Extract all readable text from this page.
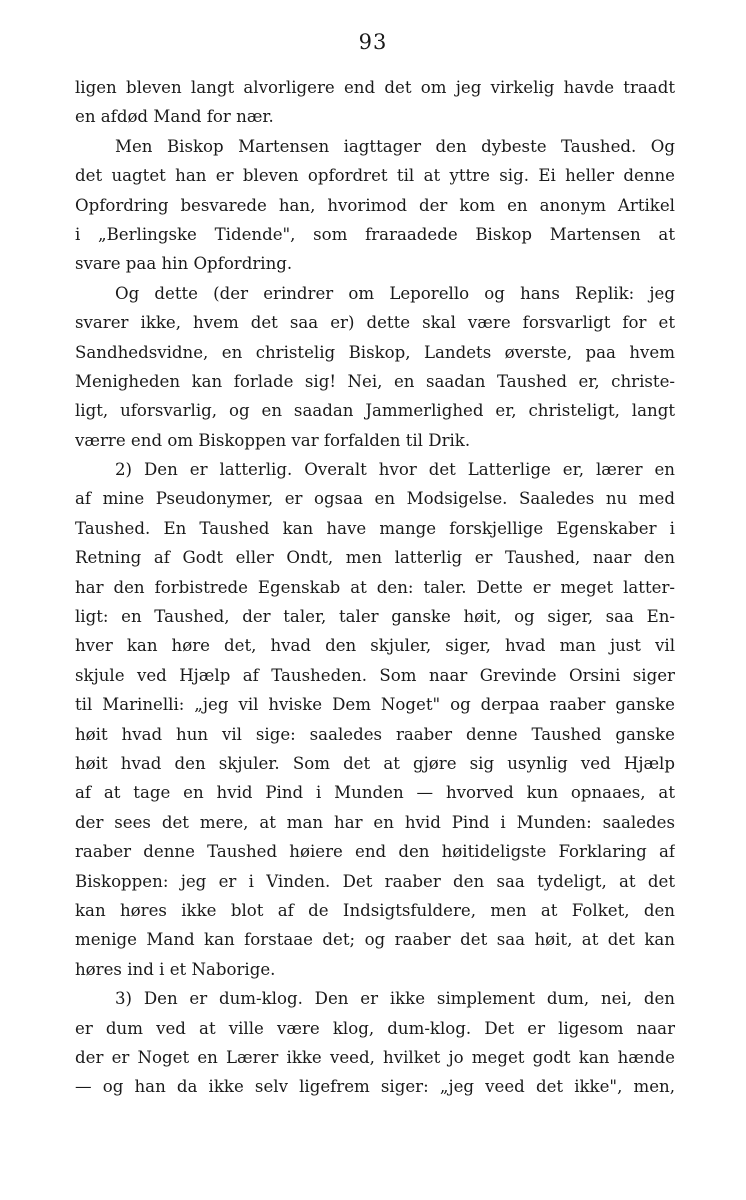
93
ligen bleven langt alvorligere end det om jeg virkelig havde traadt
en afdød Mand for nær.
Men Biskop Martensen iagttager den dybeste Taushed. Og
det uagtet han er bleven opfordret til at yttre sig. Ei heller denne
Opfordring besvarede han, hvorimod der kom en anonym Artikel
i „Berlingske Tidende", som fraraadede Biskop Martensen at
svare paa hin Opfordring.
Og dette (der erindrer om Leporello og hans Replik: jeg
svarer ikke, hvem det saa er) dette skal være forsvarligt for et
Sandhedsvidne, en christelig Biskop, Landets øverste, paa hvem
Menigheden kan forlade sig! Nei, en saadan Taushed er, christe-
ligt, uforsvarlig, og en saadan Jammerlighed er, christeligt, langt
værre end om Biskoppen var forfalden til Drik.
2) Den er latterlig. Overalt hvor det Latterlige er, lærer en
af mine Pseudonymer, er ogsaa en Modsigelse. Saaledes nu med
Taushed. En Taushed kan have mange forskjellige Egenskaber i
Retning af Godt eller Ondt, men latterlig er Taushed, naar den
har den forbistrede Egenskab at den: taler. Dette er meget latter-
ligt: en Taushed, der taler, taler ganske høit, og siger, saa En-
hver kan høre det, hvad den skjuler, siger, hvad man just vil
skjule ved Hjælp af Tausheden. Som naar Grevinde Orsini siger
til Marinelli: „jeg vil hviske Dem Noget" og derpaa raaber ganske
høit hvad hun vil sige: saaledes raaber denne Taushed ganske
høit hvad den skjuler. Som det at gjøre sig usynlig ved Hjælp
af at tage en hvid Pind i Munden — hvorved kun opnaaes, at
der sees det mere, at man har en hvid Pind i Munden: saaledes
raaber denne Taushed høiere end den høitideligste Forklaring af
Biskoppen: jeg er i Vinden. Det raaber den saa tydeligt, at det
kan høres ikke blot af de Indsigtsfuldere, men at Folket, den
menige Mand kan forstaae det; og raaber det saa høit, at det kan
høres ind i et Naborige.
3) Den er dum-klog. Den er ikke simplement dum, nei, den
er dum ved at ville være klog, dum-klog. Det er ligesom naar
der er Noget en Lærer ikke veed, hvilket jo meget godt kan hænde
— og han da ikke selv ligefrem siger: „jeg veed det ikke", men,
